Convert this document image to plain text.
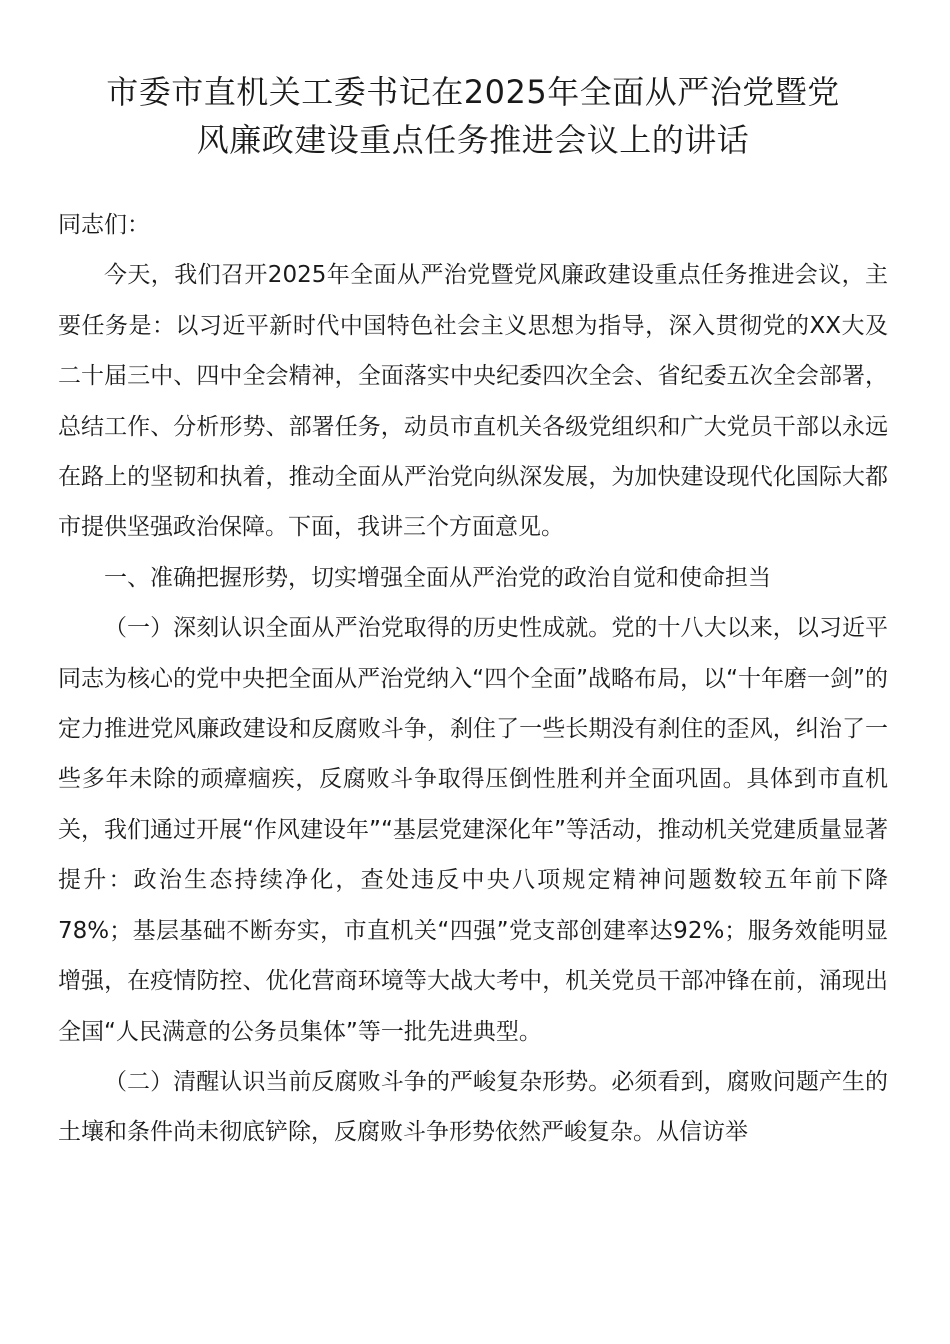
市委市直机关工委书记在2025年全面从严治党暨党
风廉政建设重点任务推进会议上的讲话

同志们：

今天，我们召开2025年全面从严治党暨党风廉政建设重点任务推进会议，主要任务是：以习近平新时代中国特色社会主义思想为指导，深入贯彻党的XX大及二十届三中、四中全会精神，全面落实中央纪委四次全会、省纪委五次全会部署，总结工作、分析形势、部署任务，动员市直机关各级党组织和广大党员干部以永远在路上的坚韧和执着，推动全面从严治党向纵深发展，为加快建设现代化国际大都市提供坚强政治保障。下面，我讲三个方面意见。

一、准确把握形势，切实增强全面从严治党的政治自觉和使命担当

（一）深刻认识全面从严治党取得的历史性成就。党的十八大以来，以习近平同志为核心的党中央把全面从严治党纳入“四个全面”战略布局，以“十年磨一剑”的定力推进党风廉政建设和反腐败斗争，刹住了一些长期没有刹住的歪风，纠治了一些多年未除的顽瘴痼疾，反腐败斗争取得压倒性胜利并全面巩固。具体到市直机关，我们通过开展“作风建设年”“基层党建深化年”等活动，推动机关党建质量显著提升：政治生态持续净化，查处违反中央八项规定精神问题数较五年前下降78%；基层基础不断夯实，市直机关“四强”党支部创建率达92%；服务效能明显增强，在疫情防控、优化营商环境等大战大考中，机关党员干部冲锋在前，涌现出全国“人民满意的公务员集体”等一批先进典型。

（二）清醒认识当前反腐败斗争的严峻复杂形势。必须看到，腐败问题产生的土壤和条件尚未彻底铲除，反腐败斗争形势依然严峻复杂。从信访举
